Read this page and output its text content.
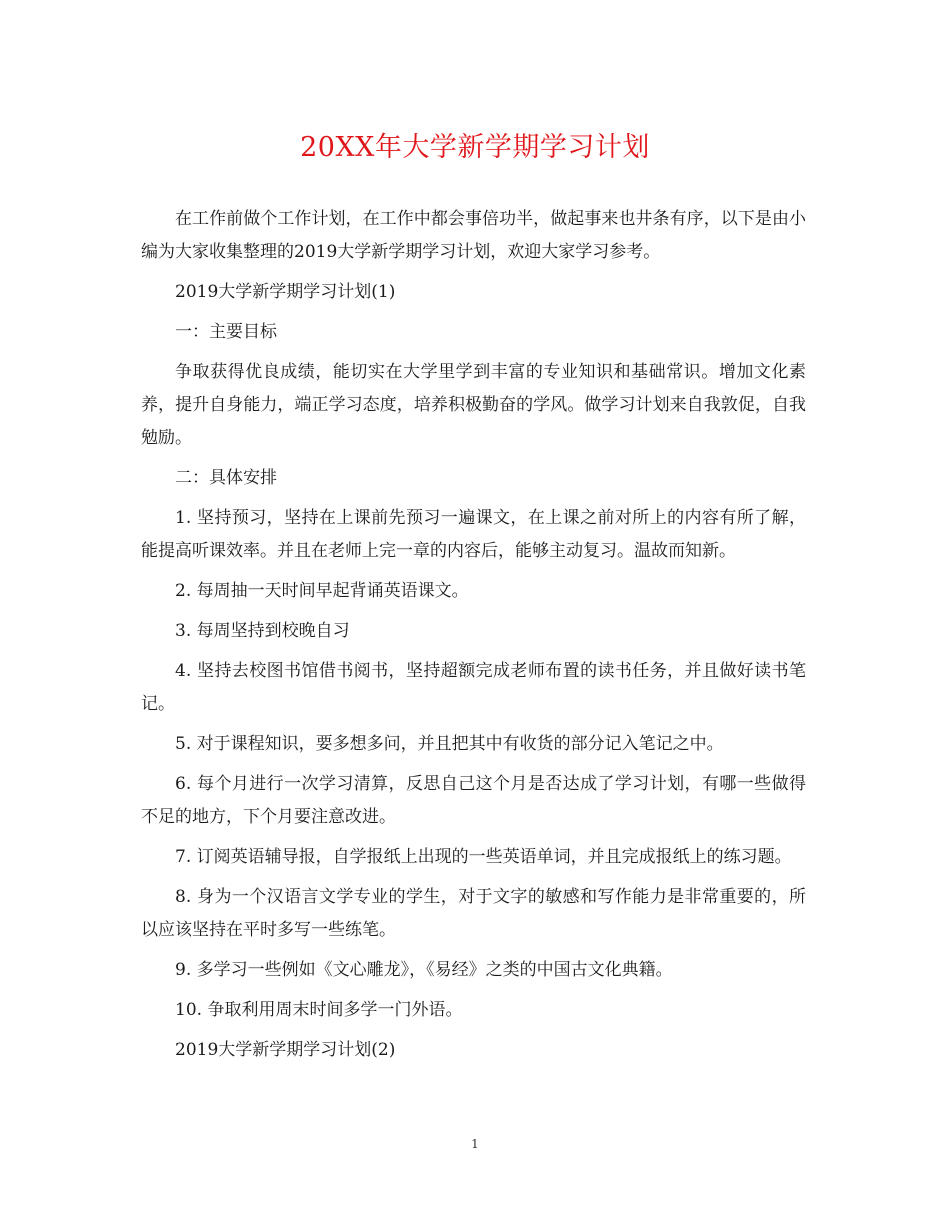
20XX年大学新学期学习计划

在工作前做个工作计划，在工作中都会事倍功半，做起事来也井条有序，以下是由小编为大家收集整理的2019大学新学期学习计划，欢迎大家学习参考。

2019大学新学期学习计划(1)

一：主要目标

争取获得优良成绩，能切实在大学里学到丰富的专业知识和基础常识。增加文化素养，提升自身能力，端正学习态度，培养积极勤奋的学风。做学习计划来自我敦促，自我勉励。

二：具体安排

1. 坚持预习，坚持在上课前先预习一遍课文，在上课之前对所上的内容有所了解，能提高听课效率。并且在老师上完一章的内容后，能够主动复习。温故而知新。

2. 每周抽一天时间早起背诵英语课文。

3. 每周坚持到校晚自习

4. 坚持去校图书馆借书阅书，坚持超额完成老师布置的读书任务，并且做好读书笔记。

5. 对于课程知识，要多想多问，并且把其中有收货的部分记入笔记之中。

6. 每个月进行一次学习清算，反思自己这个月是否达成了学习计划，有哪一些做得不足的地方，下个月要注意改进。

7. 订阅英语辅导报，自学报纸上出现的一些英语单词，并且完成报纸上的练习题。

8. 身为一个汉语言文学专业的学生，对于文字的敏感和写作能力是非常重要的，所以应该坚持在平时多写一些练笔。

9. 多学习一些例如《文心雕龙》，《易经》之类的中国古文化典籍。

10. 争取利用周末时间多学一门外语。

2019大学新学期学习计划(2)

1
